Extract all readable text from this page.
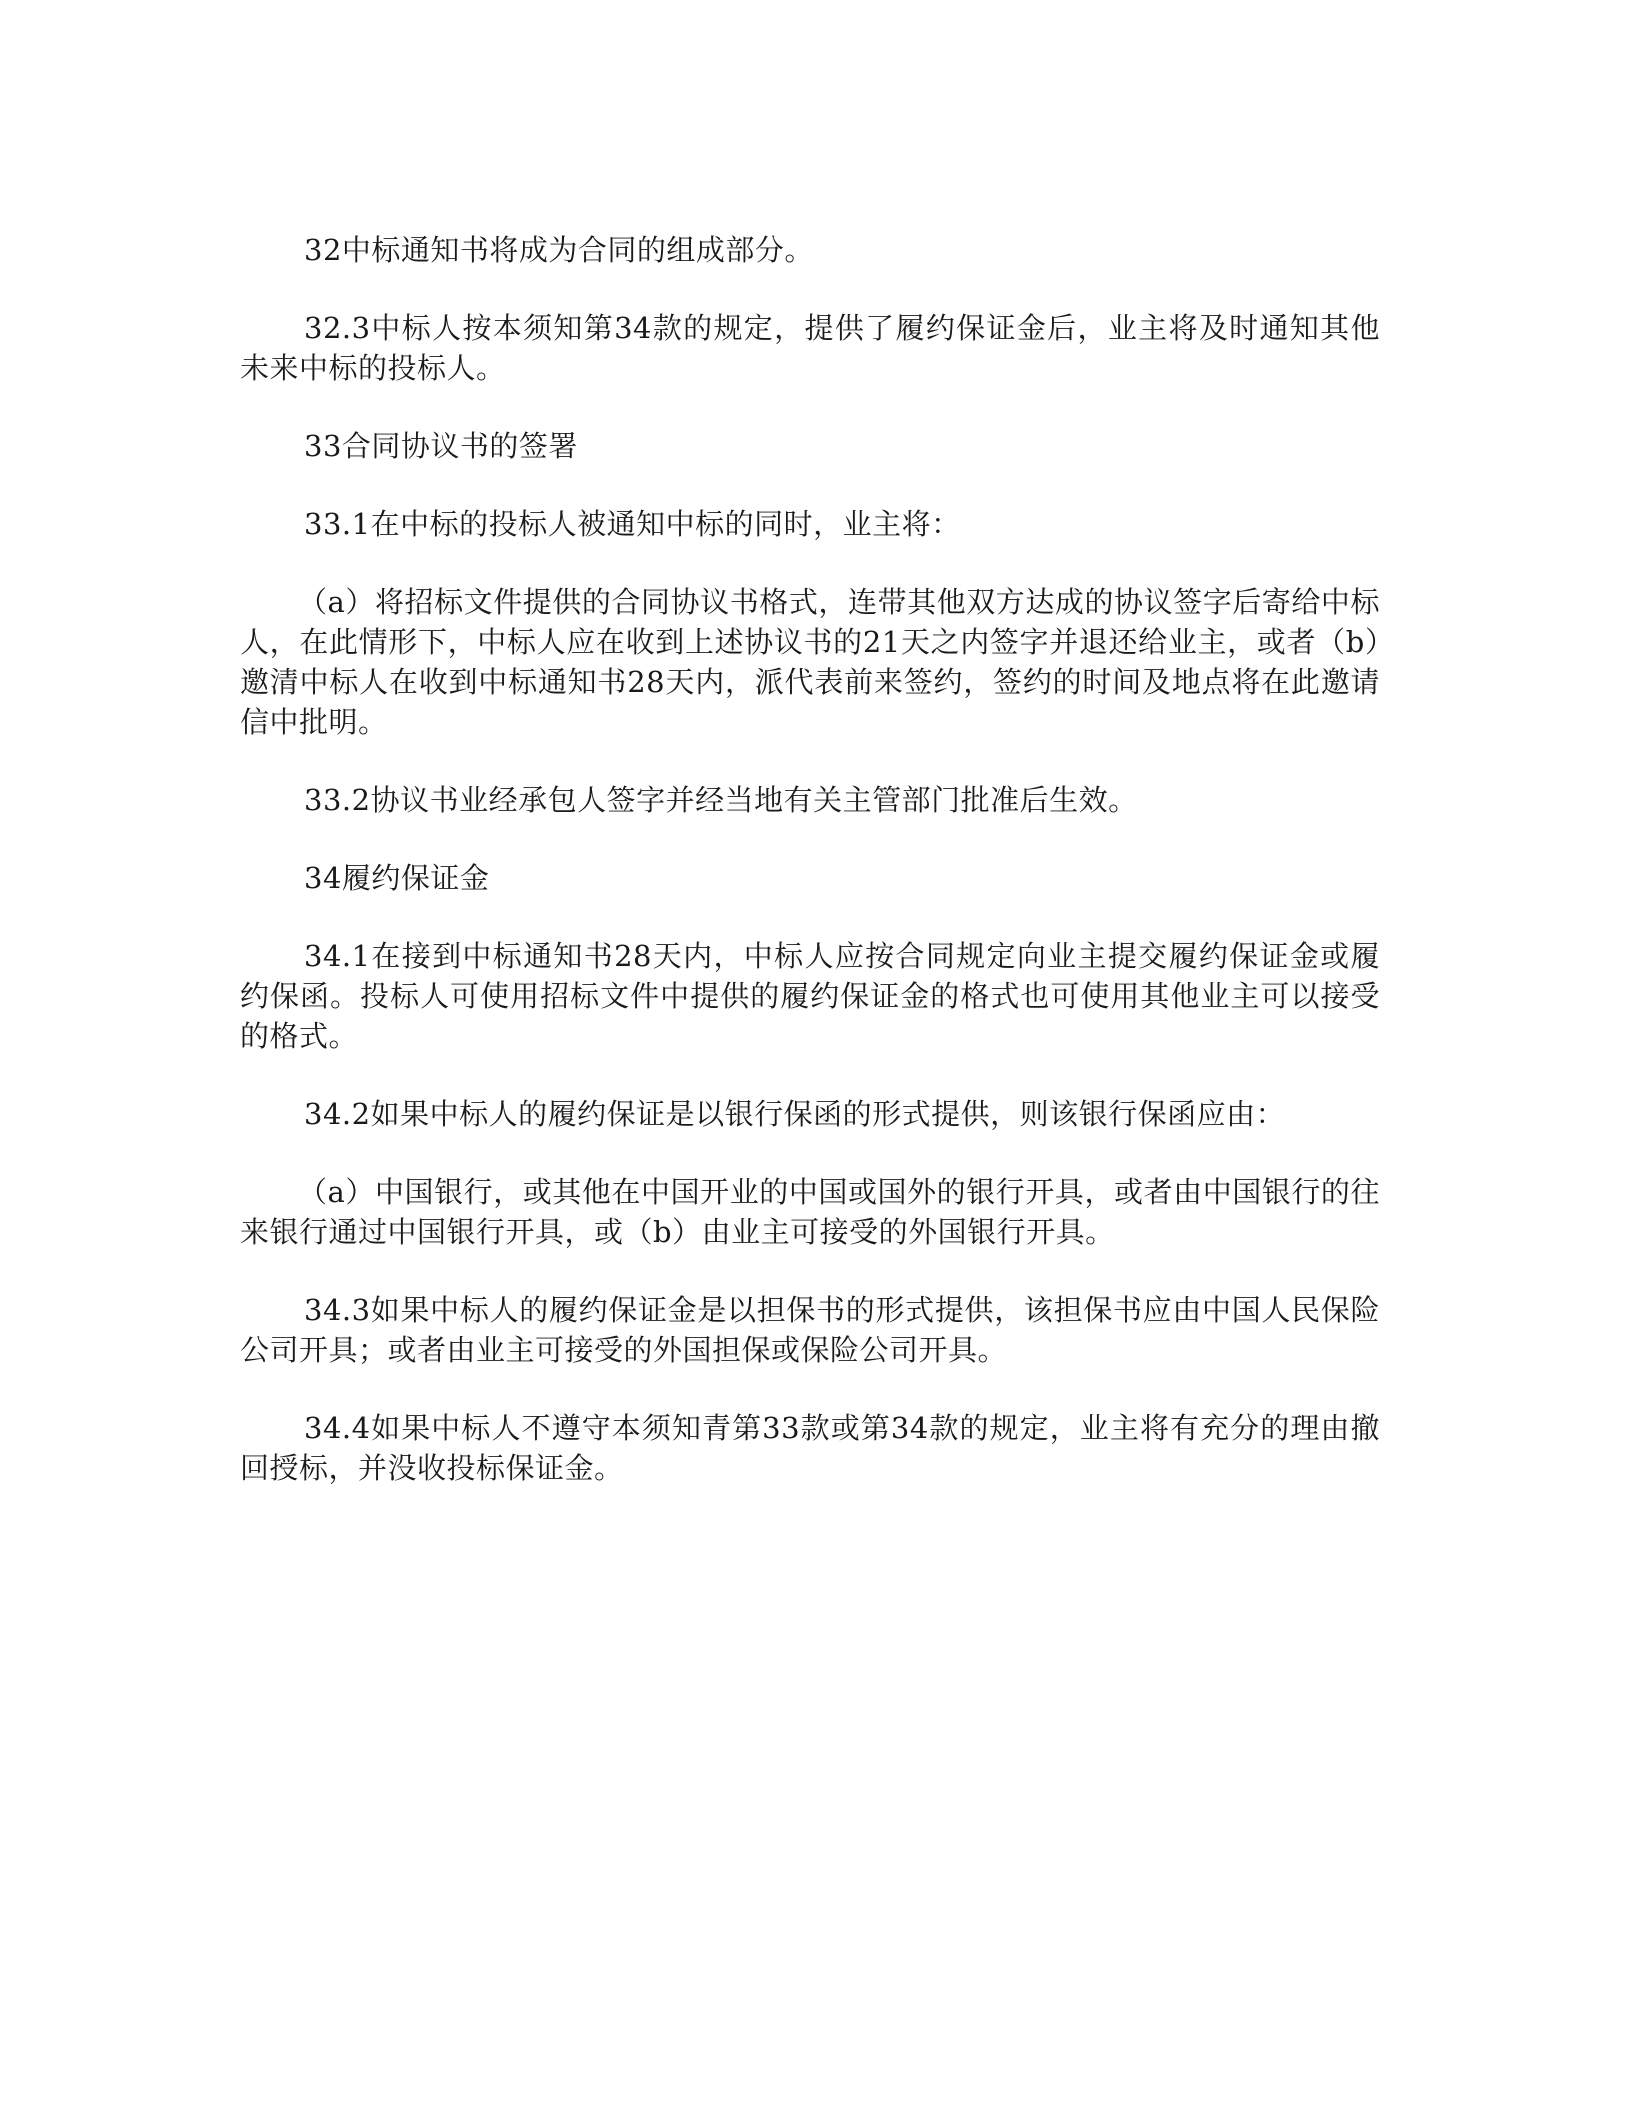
32中标通知书将成为合同的组成部分。

32.3中标人按本须知第34款的规定，提供了履约保证金后，业主将及时通知其他未来中标的投标人。

33合同协议书的签署

33.1在中标的投标人被通知中标的同时，业主将：

（a）将招标文件提供的合同协议书格式，连带其他双方达成的协议签字后寄给中标人，在此情形下，中标人应在收到上述协议书的21天之内签字并退还给业主，或者（b）邀清中标人在收到中标通知书28天内，派代表前来签约，签约的时间及地点将在此邀请信中批明。

33.2协议书业经承包人签字并经当地有关主管部门批准后生效。

34履约保证金

34.1在接到中标通知书28天内，中标人应按合同规定向业主提交履约保证金或履约保函。投标人可使用招标文件中提供的履约保证金的格式也可使用其他业主可以接受的格式。

34.2如果中标人的履约保证是以银行保函的形式提供，则该银行保函应由：

（a）中国银行，或其他在中国开业的中国或国外的银行开具，或者由中国银行的往来银行通过中国银行开具，或（b）由业主可接受的外国银行开具。

34.3如果中标人的履约保证金是以担保书的形式提供，该担保书应由中国人民保险公司开具；或者由业主可接受的外国担保或保险公司开具。

34.4如果中标人不遵守本须知青第33款或第34款的规定，业主将有充分的理由撤回授标，并没收投标保证金。
